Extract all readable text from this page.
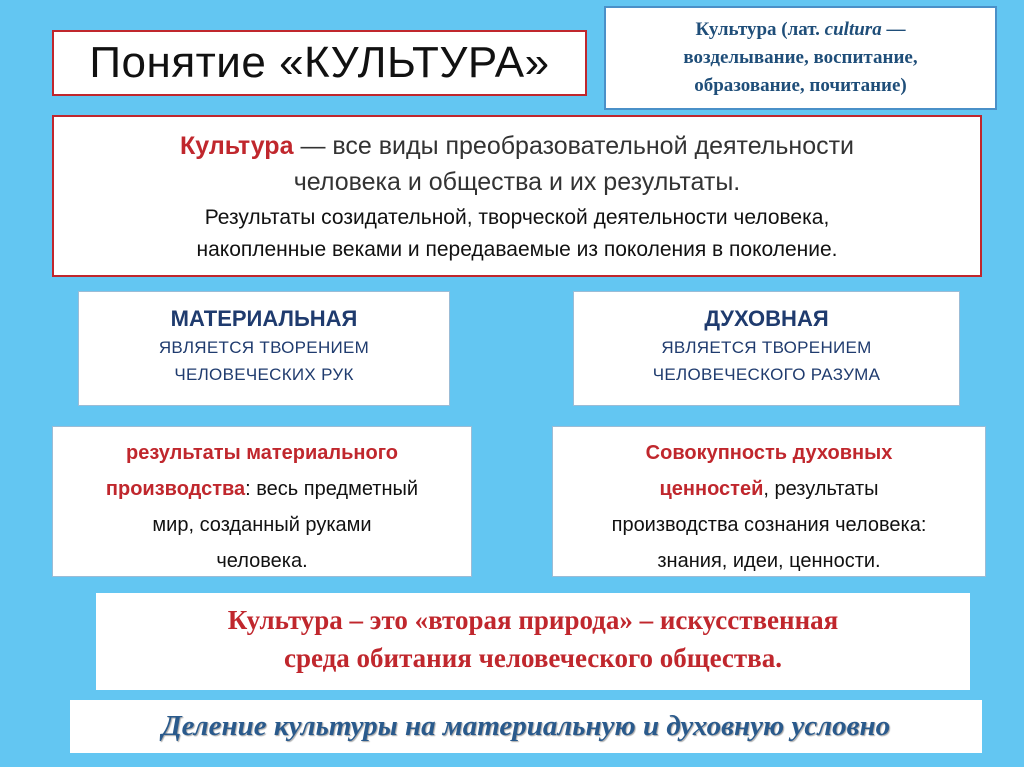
Понятие «КУЛЬТУРА»
Культура (лат. cultura —
возделывание, воспитание,
образование, почитание)
Культура — все виды преобразовательной деятельности
человека и общества и их результаты.
Результаты созидательной, творческой деятельности человека,
накопленные веками и передаваемые из поколения в поколение.
МАТЕРИАЛЬНАЯ
ЯВЛЯЕТСЯ ТВОРЕНИЕМ
ЧЕЛОВЕЧЕСКИХ РУК
ДУХОВНАЯ
ЯВЛЯЕТСЯ ТВОРЕНИЕМ
ЧЕЛОВЕЧЕСКОГО РАЗУМА
результаты материального
производства: весь предметный
мир, созданный руками
человека.
Совокупность духовных
ценностей, результаты
производства сознания человека:
знания, идеи, ценности.
Культура – это «вторая природа» – искусственная
среда обитания человеческого общества.
Деление культуры на материальную и духовную условно
